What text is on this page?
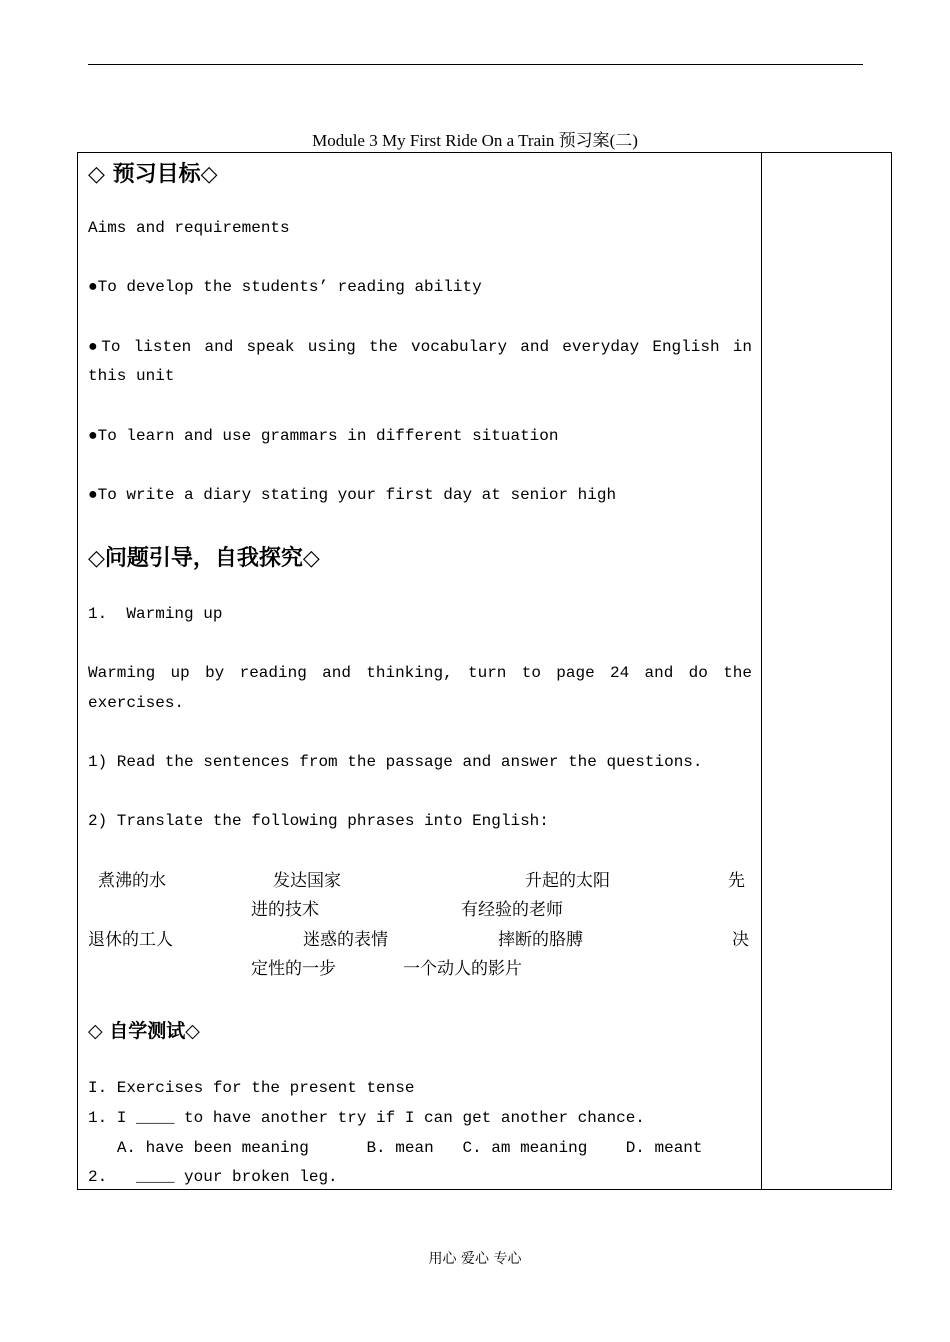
Module 3 My First Ride On a Train 预习案(二)
◇ 预习目标◇
Aims and requirements
●To develop the students’ reading ability
●To listen and speak using the vocabulary and everyday English in
this unit
●To learn and use grammars in different situation
●To write a diary stating your first day at senior high
◇问题引导，自我探究◇
1.  Warming up
Warming up by reading and thinking, turn to page 24 and do the
exercises.
1) Read the sentences from the passage and answer the questions.
2) Translate the following phrases into English:
煮沸的水	发达国家	升起的太阳	先
进的技术	有经验的老师
退休的工人	迷惑的表情	摔断的胳膊	决
定性的一步	一个动人的影片
◇ 自学测试◇
I. Exercises for the present tense
1. I ____ to have another try if I can get another chance.
A. have been meaning      B. mean   C. am meaning    D. meant
2.   ____ your broken leg.
用心 爱心 专心
